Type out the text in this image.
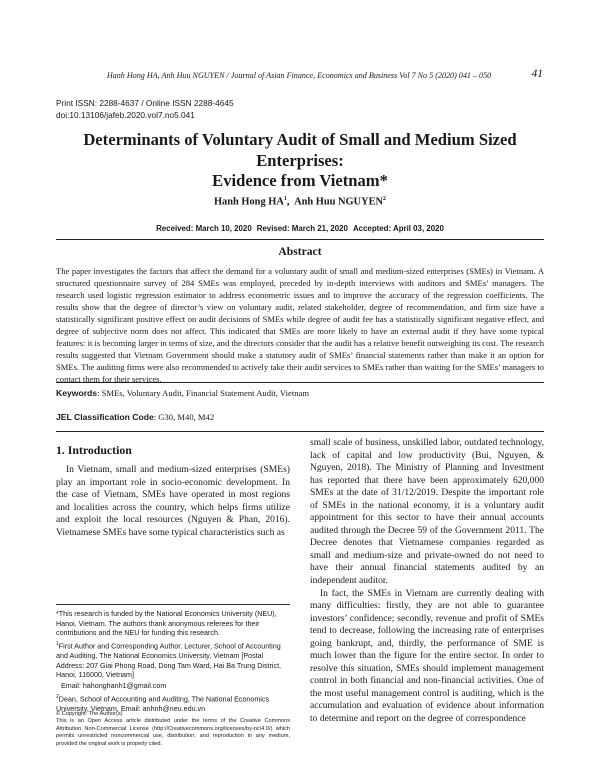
Hanh Hong HA, Anh Huu NGUYEN / Journal of Asian Finance, Economics and Business Vol 7 No 5 (2020) 041 – 050	41
Print ISSN: 2288-4637 / Online ISSN 2288-4645
doi:10.13106/jafeb.2020.vol7.no5.041
Determinants of Voluntary Audit of Small and Medium Sized Enterprises:
Evidence from Vietnam*
Hanh Hong $HA^1$,  Anh Huu NGUYEN$^2$
Received: March 10, 2020 Revised: March 21, 2020 Accepted: April 03, 2020
Abstract

The paper investigates the factors that affect the demand for a voluntary audit of small and medium-sized enterprises (SMEs) in Vietnam. A structured questionnaire survey of 284 SMEs was employed, preceded by in-depth interviews with auditors and SMEs’ managers. The research used logistic regression estimator to address econometric issues and to improve the accuracy of the regression coefficients. The results show that the degree of director’s view on voluntary audit, related stakeholder, degree of recommendation, and firm size have a statistically significant positive effect on audit decisions of SMEs while degree of audit fee has a statistically significant negative effect, and degree of subjective norm does not affect. This indicated that SMEs are more likely to have an external audit if they have some typical features: it is becoming larger in terms of size, and the directors consider that the audit has a relative benefit outweighing its cost. The research results suggested that Vietnam Government should make a statutory audit of SMEs’ financial statements rather than make it an option for SMEs. The auditing firms were also recommended to actively take their audit services to SMEs rather than waiting for the SMEs’ managers to contact them for their services.

Keywords: SMEs, Voluntary Audit, Financial Statement Audit, Vietnam
JEL Classification Code: G30, M40, M42
1. Introduction

In Vietnam, small and medium-sized enterprises (SMEs) play an important role in socio-economic development. In the case of Vietnam, SMEs have operated in most regions and localities across the country, which helps firms utilize and exploit the local resources (Nguyen & Phan, 2016). Vietnamese SMEs have some typical characteristics such as

*This research is funded by the National Economics University (NEU), Hanoi, Vietnam. The authors thank anonymous referees for their contributions and the NEU for funding this research.

$^1$First Author and Corresponding Author. Lecturer, School of Accounting and Auditing, The National Economics University, Vietnam [Postal Address: 207 Giai Phong Road, Dong Tam Ward, Hai Ba Trung District, Hanoi, 116000, Vietnam]

Email: hahonghanh1@gmail.com

$^2$Dean, School of Accounting and Auditing, The National Economics University, Vietnam, Email: anhnh@neu.edu.vn

© Copyright: The Author(s)

This is an Open Access article distributed under the terms of the Creative Commons Attribution Non-Commercial License (http://Creativecommons.org/licenses/by-nc/4.0/) which permits unrestricted noncommercial use, distribution, and reproduction in any medium, provided the original work is properly cited.

small scale of business, unskilled labor, outdated technology, lack of capital and low productivity (Bui, Nguyen, & Nguyen, 2018). The Ministry of Planning and Investment has reported that there have been approximately 620,000 SMEs at the date of 31/12/2019. Despite the important role of SMEs in the national economy, it is a voluntary audit appointment for this sector to have their annual accounts audited through the Decree 59 of the Government 2011. The Decree denotes that Vietnamese companies regarded as small and medium-size and private-owned do not need to have their annual financial statements audited by an independent auditor.

In fact, the SMEs in Vietnam are currently dealing with many difficulties: firstly, they are not able to guarantee investors’ confidence; secondly, revenue and profit of SMEs tend to decrease, following the increasing rate of enterprises going bankrupt, and, thirdly, the performance of SME is much lower than the figure for the entire sector. In order to resolve this situation, SMEs should implement management control in both financial and non-financial activities. One of the most useful management control is auditing, which is the accumulation and evaluation of evidence about information to determine and report on the degree of correspondence
